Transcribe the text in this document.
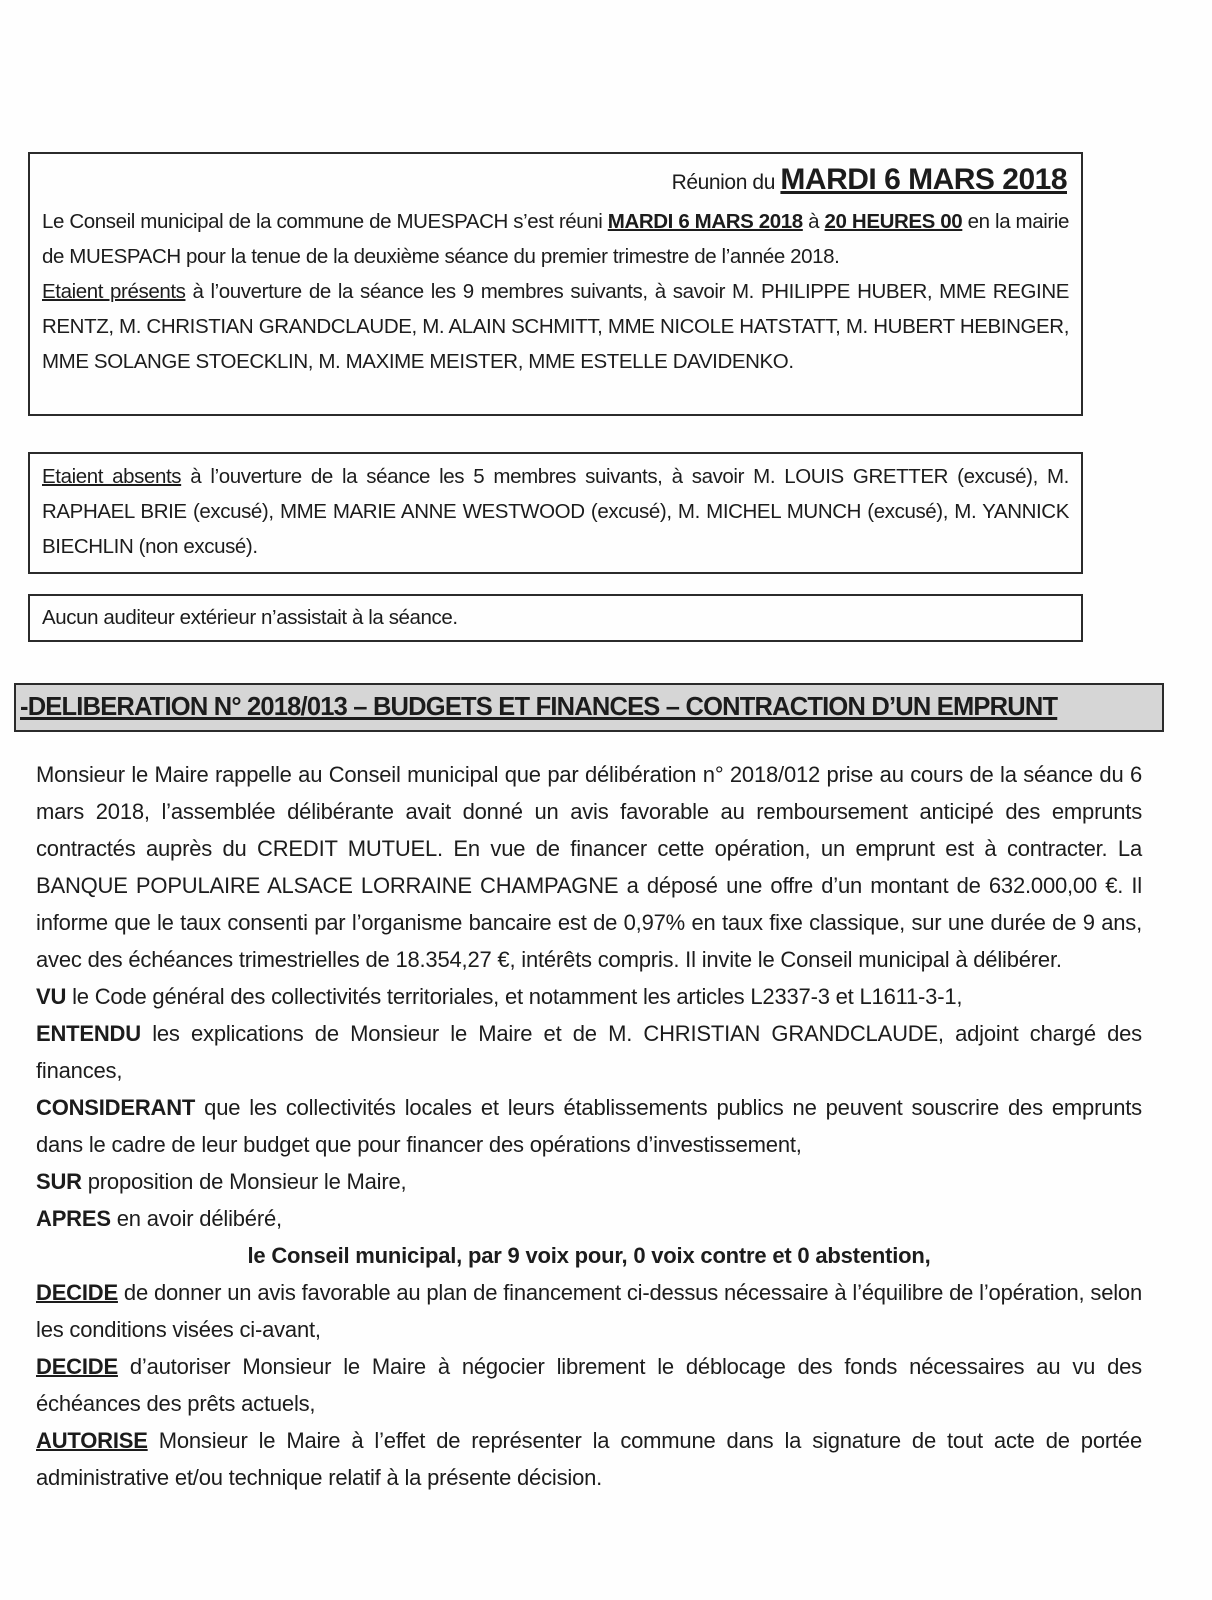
Réunion du MARDI 6 MARS 2018

Le Conseil municipal de la commune de MUESPACH s’est réuni MARDI 6 MARS 2018 à 20 HEURES 00 en la mairie de MUESPACH pour la tenue de la deuxième séance du premier trimestre de l’année 2018.

Etaient présents à l’ouverture de la séance les 9 membres suivants, à savoir M. PHILIPPE HUBER, MME REGINE RENTZ, M. CHRISTIAN GRANDCLAUDE, M. ALAIN SCHMITT, MME NICOLE HATSTATT, M. HUBERT HEBINGER, MME SOLANGE STOECKLIN, M. MAXIME MEISTER, MME ESTELLE DAVIDENKO.

Etaient absents à l’ouverture de la séance les 5 membres suivants, à savoir M. LOUIS GRETTER (excusé), M. RAPHAEL BRIE (excusé), MME MARIE ANNE WESTWOOD (excusé), M. MICHEL MUNCH (excusé), M. YANNICK BIECHLIN (non excusé).

Aucun auditeur extérieur n’assistait à la séance.

-DELIBERATION N° 2018/013 – BUDGETS ET FINANCES – CONTRACTION D’UN EMPRUNT

Monsieur le Maire rappelle au Conseil municipal que par délibération n° 2018/012 prise au cours de la séance du 6 mars 2018, l’assemblée délibérante avait donné un avis favorable au remboursement anticipé des emprunts contractés auprès du CREDIT MUTUEL. En vue de financer cette opération, un emprunt est à contracter. La BANQUE POPULAIRE ALSACE LORRAINE CHAMPAGNE a déposé une offre d’un montant de 632.000,00 €. Il informe que le taux consenti par l’organisme bancaire est de 0,97% en taux fixe classique, sur une durée de 9 ans, avec des échéances trimestrielles de 18.354,27 €, intérêts compris. Il invite le Conseil municipal à délibérer.

VU le Code général des collectivités territoriales, et notamment les articles L2337-3 et L1611-3-1,

ENTENDU les explications de Monsieur le Maire et de M. CHRISTIAN GRANDCLAUDE, adjoint chargé des finances,

CONSIDERANT que les collectivités locales et leurs établissements publics ne peuvent souscrire des emprunts dans le cadre de leur budget que pour financer des opérations d’investissement,

SUR proposition de Monsieur le Maire,

APRES en avoir délibéré,

le Conseil municipal, par 9 voix pour, 0 voix contre et 0 abstention,

DECIDE de donner un avis favorable au plan de financement ci-dessus nécessaire à l’équilibre de l’opération, selon les conditions visées ci-avant,

DECIDE d’autoriser Monsieur le Maire à négocier librement le déblocage des fonds nécessaires au vu des échéances des prêts actuels,

AUTORISE Monsieur le Maire à l’effet de représenter la commune dans la signature de tout acte de portée administrative et/ou technique relatif à la présente décision.
